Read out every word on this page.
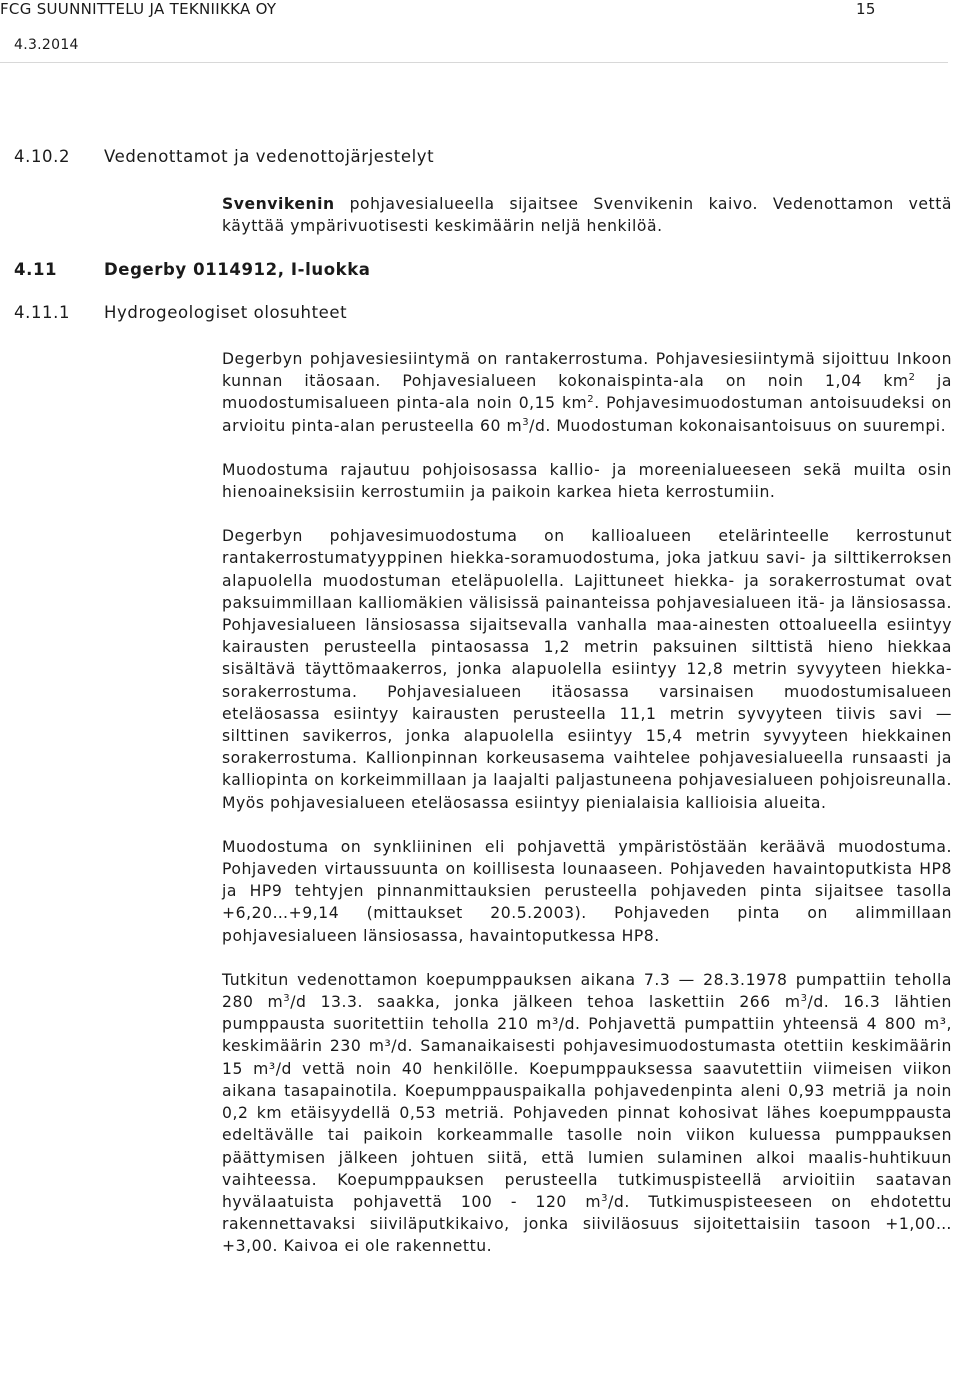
FCG SUUNNITTELU JA TEKNIIKKA OY
4.3.2014
15
4.10.2 Vedenottamot ja vedenottojärjestelyt

Svenvikenin pohjavesialueella sijaitsee Svenvikenin kaivo. Vedenottamon vettä käyttää ympärivuotisesti keskimäärin neljä henkilöä.

4.11	Degerby 0114912, I-luokka
4.11.1 Hydrogeologiset olosuhteet

Degerbyn pohjavesiesiintymä on rantakerrostuma. Pohjavesiesiintymä sijoittuu Inkoon kunnan itäosaan. Pohjavesialueen kokonaispinta-ala on noin 1,04 $km^2$ ja muodostumisalueen pinta-ala noin 0,15 $km^2$. Pohjavesimuodostuman antoisuudeksi on arvioitu pinta-alan perusteella 60 $m^3/d$. Muodostuman kokonaisantoisuus on suurempi.

Muodostuma rajautuu pohjoisosassa kallio- ja moreenialueeseen sekä muilta osin hienoaineksisiin kerrostumiin ja paikoin karkea hieta kerrostumiin.

Degerbyn pohjavesimuodostuma on kallioalueen etelärinteelle kerrostunut rantakerrostumatyyppinen hiekka-soramuodostuma, joka jatkuu savi- ja silttikerroksen alapuolella muodostuman eteläpuolella. Lajittuneet hiekka- ja sorakerrostumat ovat paksuimmillaan kalliomäkien välisissä painanteissa pohjavesialueen itä- ja länsiosassa. Pohjavesialueen länsiosassa sijaitsevalla vanhalla maa-ainesten ottoalueella esiintyy kairausten perusteella pintaosassa 1,2 metrin paksuinen silttistä hieno hiekkaa sisältävä täyttömaakerros, jonka alapuolella esiintyy 12,8 metrin syvyyteen hiekka-sorakerrostuma. Pohjavesialueen itäosassa varsinaisen muodostumisalueen eteläosassa esiintyy kairausten perusteella 11,1 metrin syvyyteen tiivis savi — silttinen savikerros, jonka alapuolella esiintyy 15,4 metrin syvyyteen hiekkainen sorakerrostuma. Kallionpinnan korkeusasema vaihtelee pohjavesialueella runsaasti ja kalliopinta on korkeimmillaan ja laajalti paljastuneena pohjavesialueen pohjoisreunalla. Myös pohjavesialueen eteläosassa esiintyy pienialaisia kallioisia alueita.

Muodostuma on synkliininen eli pohjavettä ympäristöstään keräävä muodostuma. Pohjaveden virtaussuunta on koillisesta lounaaseen. Pohjaveden havaintoputkista HP8 ja HP9 tehtyjen pinnanmittauksien perusteella pohjaveden pinta sijaitsee tasolla +6,20…+9,14 (mittaukset 20.5.2003). Pohjaveden pinta on alimmillaan pohjavesialueen länsiosassa, havaintoputkessa HP8.

Tutkitun vedenottamon koepumppauksen aikana 7.3 — 28.3.1978 pumpattiin teholla 280 $m^3/d$ 13.3. saakka, jonka jälkeen tehoa laskettiin 266 $m^3/d$. 16.3 lähtien pumppausta suoritettiin teholla 210 m³/d. Pohjavettä pumpattiin yhteensä 4 800 m³, keskimäärin 230 m³/d. Samanaikaisesti pohjavesimuodostumasta otettiin keskimäärin 15 m³/d vettä noin 40 henkilölle. Koepumppauksessa saavutettiin viimeisen viikon aikana tasapainotila. Koepumppauspaikalla pohjavedenpinta aleni 0,93 metriä ja noin 0,2 km etäisyydellä 0,53 metriä. Pohjaveden pinnat kohosivat lähes koepumppausta edeltävälle tai paikoin korkeammalle tasolle noin viikon kuluessa pumppauksen päättymisen jälkeen johtuen siitä, että lumien sulaminen alkoi maalis-huhtikuun vaihteessa. Koepumppauksen perusteella tutkimuspisteellä arvioitiin saatavan hyvälaatuista pohjavettä 100 - 120 $m^3/d$. Tutkimuspisteeseen on ehdotettu rakennettavaksi siiviläputkikaivo, jonka siiviläosuus sijoitettaisiin tasoon +1,00…+3,00. Kaivoa ei ole rakennettu.
